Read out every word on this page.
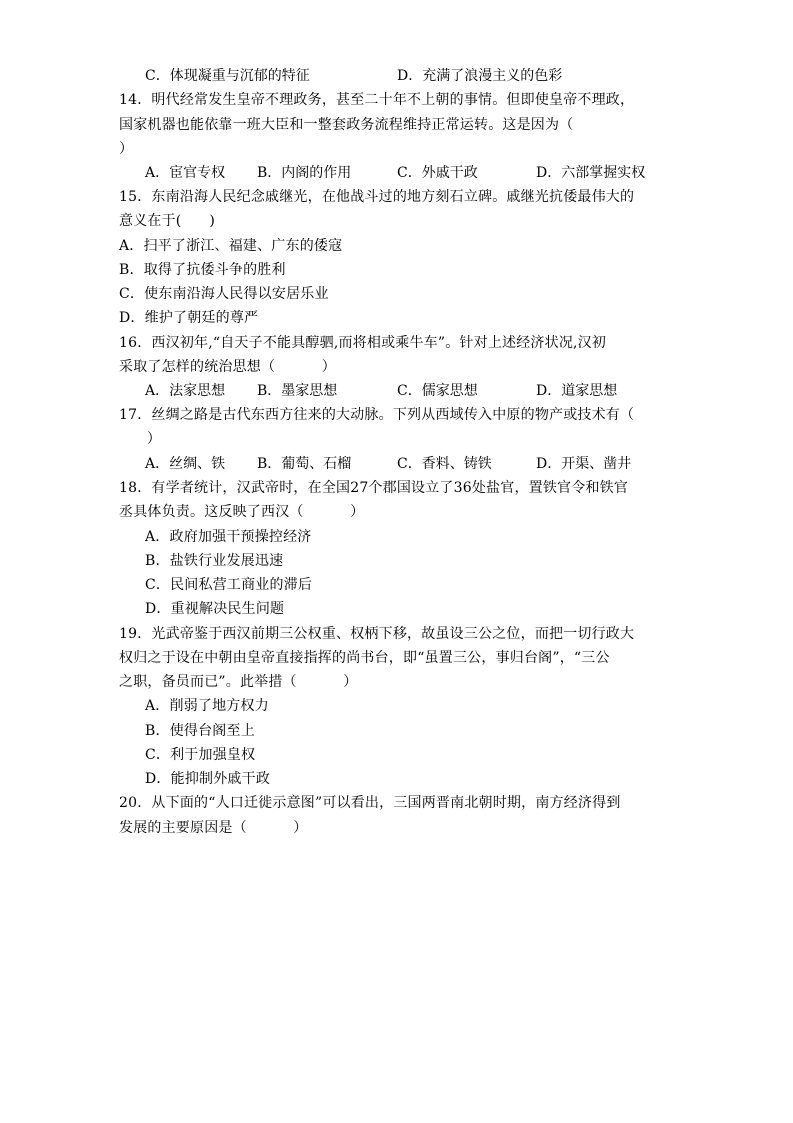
C．体现凝重与沉郁的特征	D．充满了浪漫主义的色彩
14．明代经常发生皇帝不理政务，甚至二十年不上朝的事情。但即使皇帝不理政，
国家机器也能依靠一班大臣和一整套政务流程维持正常运转。这是因为（
）
A．宦官专权 B．内阁的作用	C．外戚干政	D．六部掌握实权
15．东南沿海人民纪念戚继光，在他战斗过的地方刻石立碑。戚继光抗倭最伟大的
意义在于(      )
A．扫平了浙江、福建、广东的倭寇
B．取得了抗倭斗争的胜利
C．使东南沿海人民得以安居乐业
D．维护了朝廷的尊严
16．西汉初年,“自天子不能具醇驷,而将相或乘牛车”。针对上述经济状况,汉初
采取了怎样的统治思想（          ）
A．法家思想 B．墨家思想	C．儒家思想	D．道家思想
17．丝绸之路是古代东西方往来的大动脉。下列从西域传入中原的物产或技术有（
）
A．丝绸、铁 B．葡萄、石榴	C．香料、铸铁	D．开渠、凿井
18．有学者统计，汉武帝时，在全国27个郡国设立了36处盐官，置铁官令和铁官
丞具体负责。这反映了西汉（          ）
A．政府加强干预操控经济
B．盐铁行业发展迅速
C．民间私营工商业的滞后
D．重视解决民生问题
19．光武帝鉴于西汉前期三公权重、权柄下移，故虽设三公之位，而把一切行政大
权归之于设在中朝由皇帝直接指挥的尚书台，即“虽置三公，事归台阁”，“三公
之职，备员而已”。此举措（          ）
A．削弱了地方权力
B．使得台阁至上
C．利于加强皇权
D．能抑制外戚干政
20．从下面的“人口迁徙示意图”可以看出，三国两晋南北朝时期，南方经济得到
发展的主要原因是（          ）
